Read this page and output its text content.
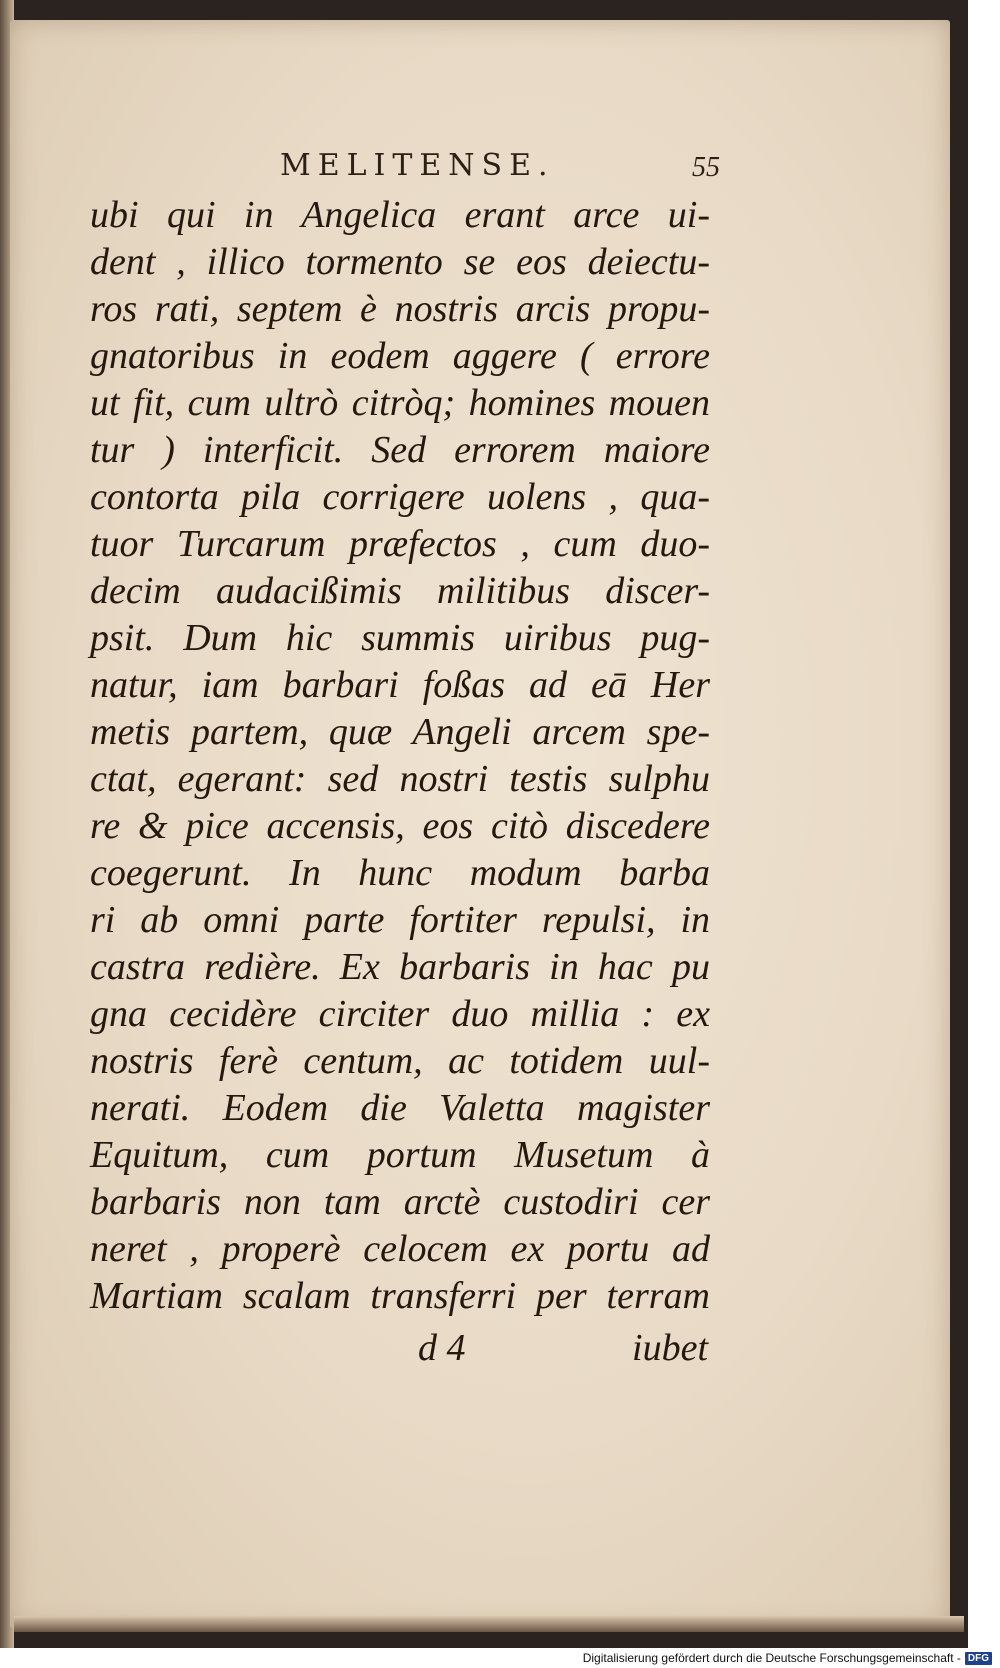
MELITENSE.	55
ubi qui in Angelica erant arce ui-
dent , illico tormento se eos deiectu-
ros rati, septem è nostris arcis propu-
gnatoribus in eodem aggere ( errore
ut fit, cum ultrò citròq; homines mouen
tur ) interficit. Sed errorem maiore
contorta pila corrigere uolens , qua-
tuor Turcarum præfectos , cum duo-
decim audacißimis militibus discer-
psit. Dum hic summis uiribus pug-
natur, iam barbari foßas ad eā Her
metis partem, quæ Angeli arcem spe-
ctat, egerant: sed nostri testis sulphu
re & pice accensis, eos citò discedere
coegerunt. In hunc modum barba
ri ab omni parte fortiter repulsi, in
castra redière. Ex barbaris in hac pu
gna cecidère circiter duo millia : ex
nostris ferè centum, ac totidem uul-
nerati. Eodem die Valetta magister
Equitum, cum portum Musetum à
barbaris non tam arctè custodiri cer
neret , properè celocem ex portu ad
Martiam scalam transferri per terram
d 4	iubet
Digitalisierung gefördert durch die Deutsche Forschungsgemeinschaft - DFG
